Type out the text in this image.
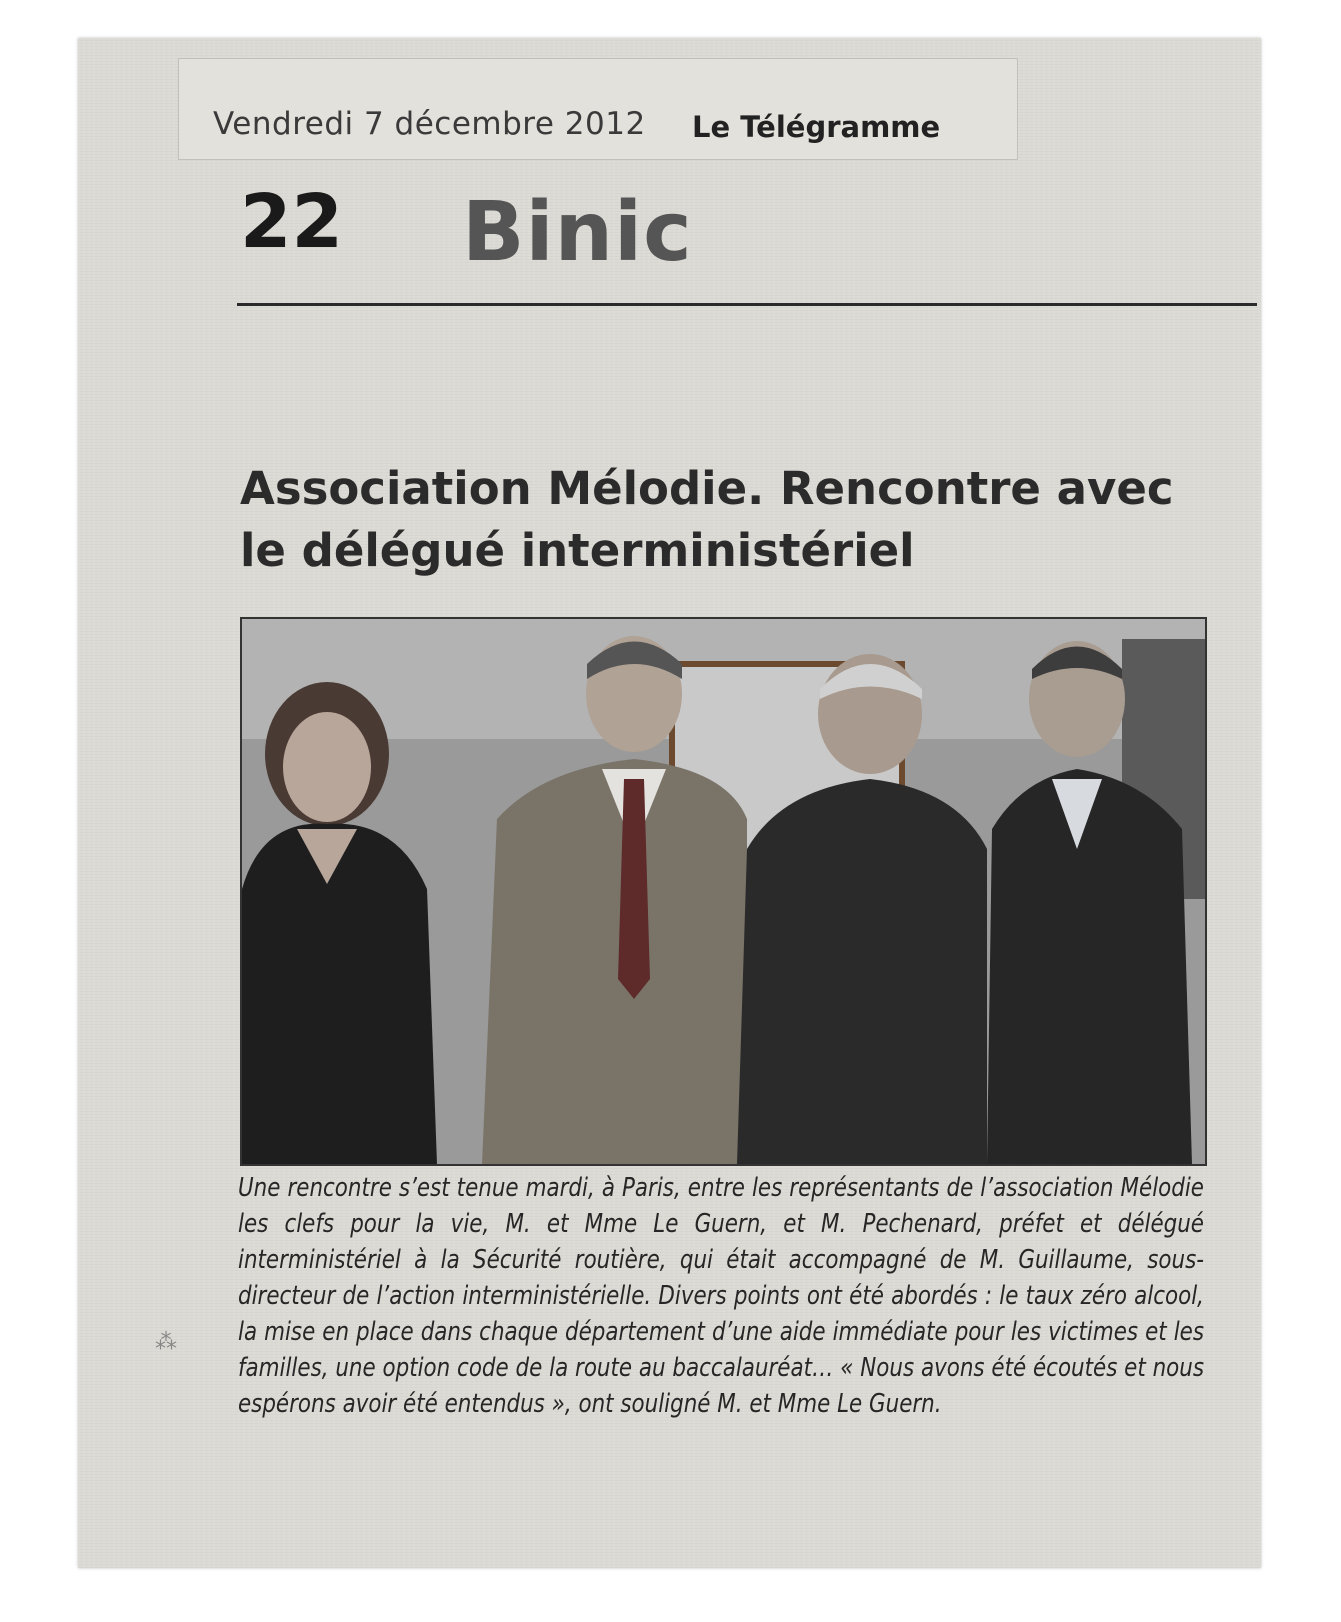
Vendredi 7 décembre 2012 Le Télégramme
22 Binic
Association Mélodie. Rencontre avec le délégué interministériel

Une rencontre s’est tenue mardi, à Paris, entre les représentants de l’association Mélodie les clefs pour la vie, M. et Mme Le Guern, et M. Pechenard, préfet et délégué interministériel à la Sécurité routière, qui était accompagné de M. Guillaume, sous-directeur de l’action interministérielle. Divers points ont été abordés : le taux zéro alcool, la mise en place dans chaque département d’une aide immédiate pour les victimes et les familles, une option code de la route au baccalauréat… « Nous avons été écoutés et nous espérons avoir été entendus », ont souligné M. et Mme Le Guern.

⁂
